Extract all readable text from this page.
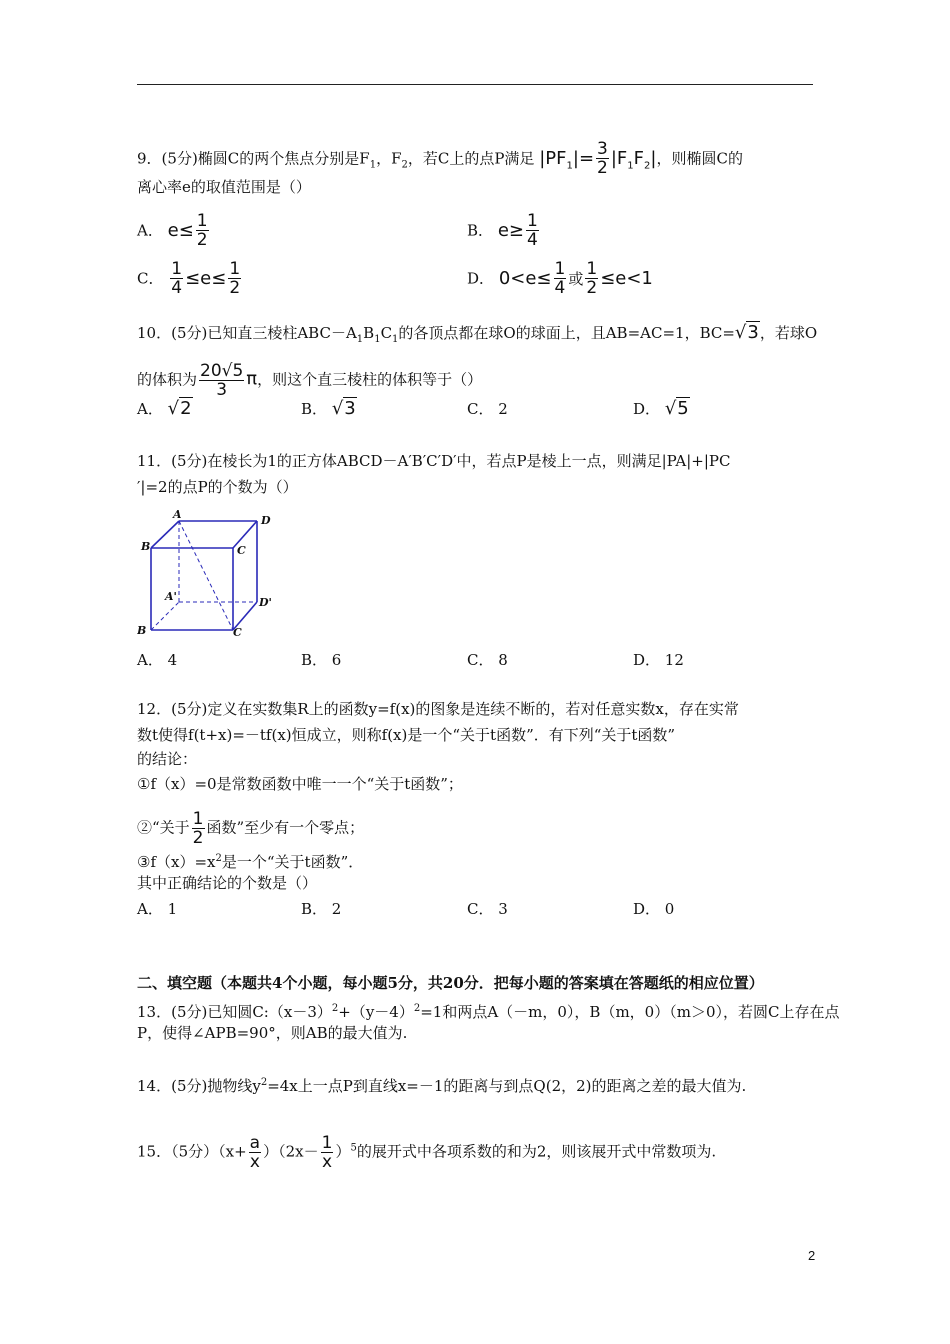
9．(5分)椭圆C的两个焦点分别是$F_1$，$F_2$，若C上的点P满足 $|PF_1|= \frac{3}{2} |F_1F_2|$，则椭圆C的
离心率e的取值范围是（）
A． $e\le \frac{1}{2}$	B． $e\ge \frac{1}{4}$
C． $\frac{1}{4} \le e\le \frac{1}{2}$	D． $0<e\le \frac{1}{4}$ 或 $\frac{1}{2} \le e<1$
10．(5分)已知直三棱柱$ABC-A_1B_1C_1$的各顶点都在球O的球面上，且AB=AC=1，BC=√3，若球O
的体积为 $\frac{20√5}{3}$ π，则这个直三棱柱的体积等于（）
A． √2	B． √3	C． 2	D． √5
11．(5分)在棱长为1的正方体ABCD－A′B′C′D′中，若点P是棱上一点，则满足|PA|+|PC
′|=2的点P的个数为（）
A	D
B	C
A'	D'
B	C
A． 4	B． 6	C． 8	D． 12
12．(5分)定义在实数集R上的函数y=f(x)的图象是连续不断的，若对任意实数x，存在实常
数t使得f(t+x)=－tf(x)恒成立，则称f(x)是一个“关于t函数”．有下列“关于t函数”
的结论：
①f（x）=0是常数函数中唯一一个“关于t函数”；
②“关于 $\frac{1}{2}$ 函数”至少有一个零点；
$③f(x)=x^2$是一个“关于t函数”．
其中正确结论的个数是（）
A． 1	B． 2	C． 3	D． 0
二、填空题（本题共4个小题，每小题5分，共20分．把每小题的答案填在答题纸的相应位置）
13．(5分)已知圆$C:(x-3)^2+(y-4)^2=1$和两点A（－m，0），B（m，0）（m＞0），若圆C上存在点
P，使得∠APB=90°，则AB的最大值为.
14．(5分)抛物线$y^2=4x$上一点P到直线x=－1的距离与到点Q(2，2)的距离之差的最大值为.
15．（5分）$(x+ \frac{a}{x} )(2x- \frac{1}{x} )^5$的展开式中各项系数的和为2，则该展开式中常数项为.
2
